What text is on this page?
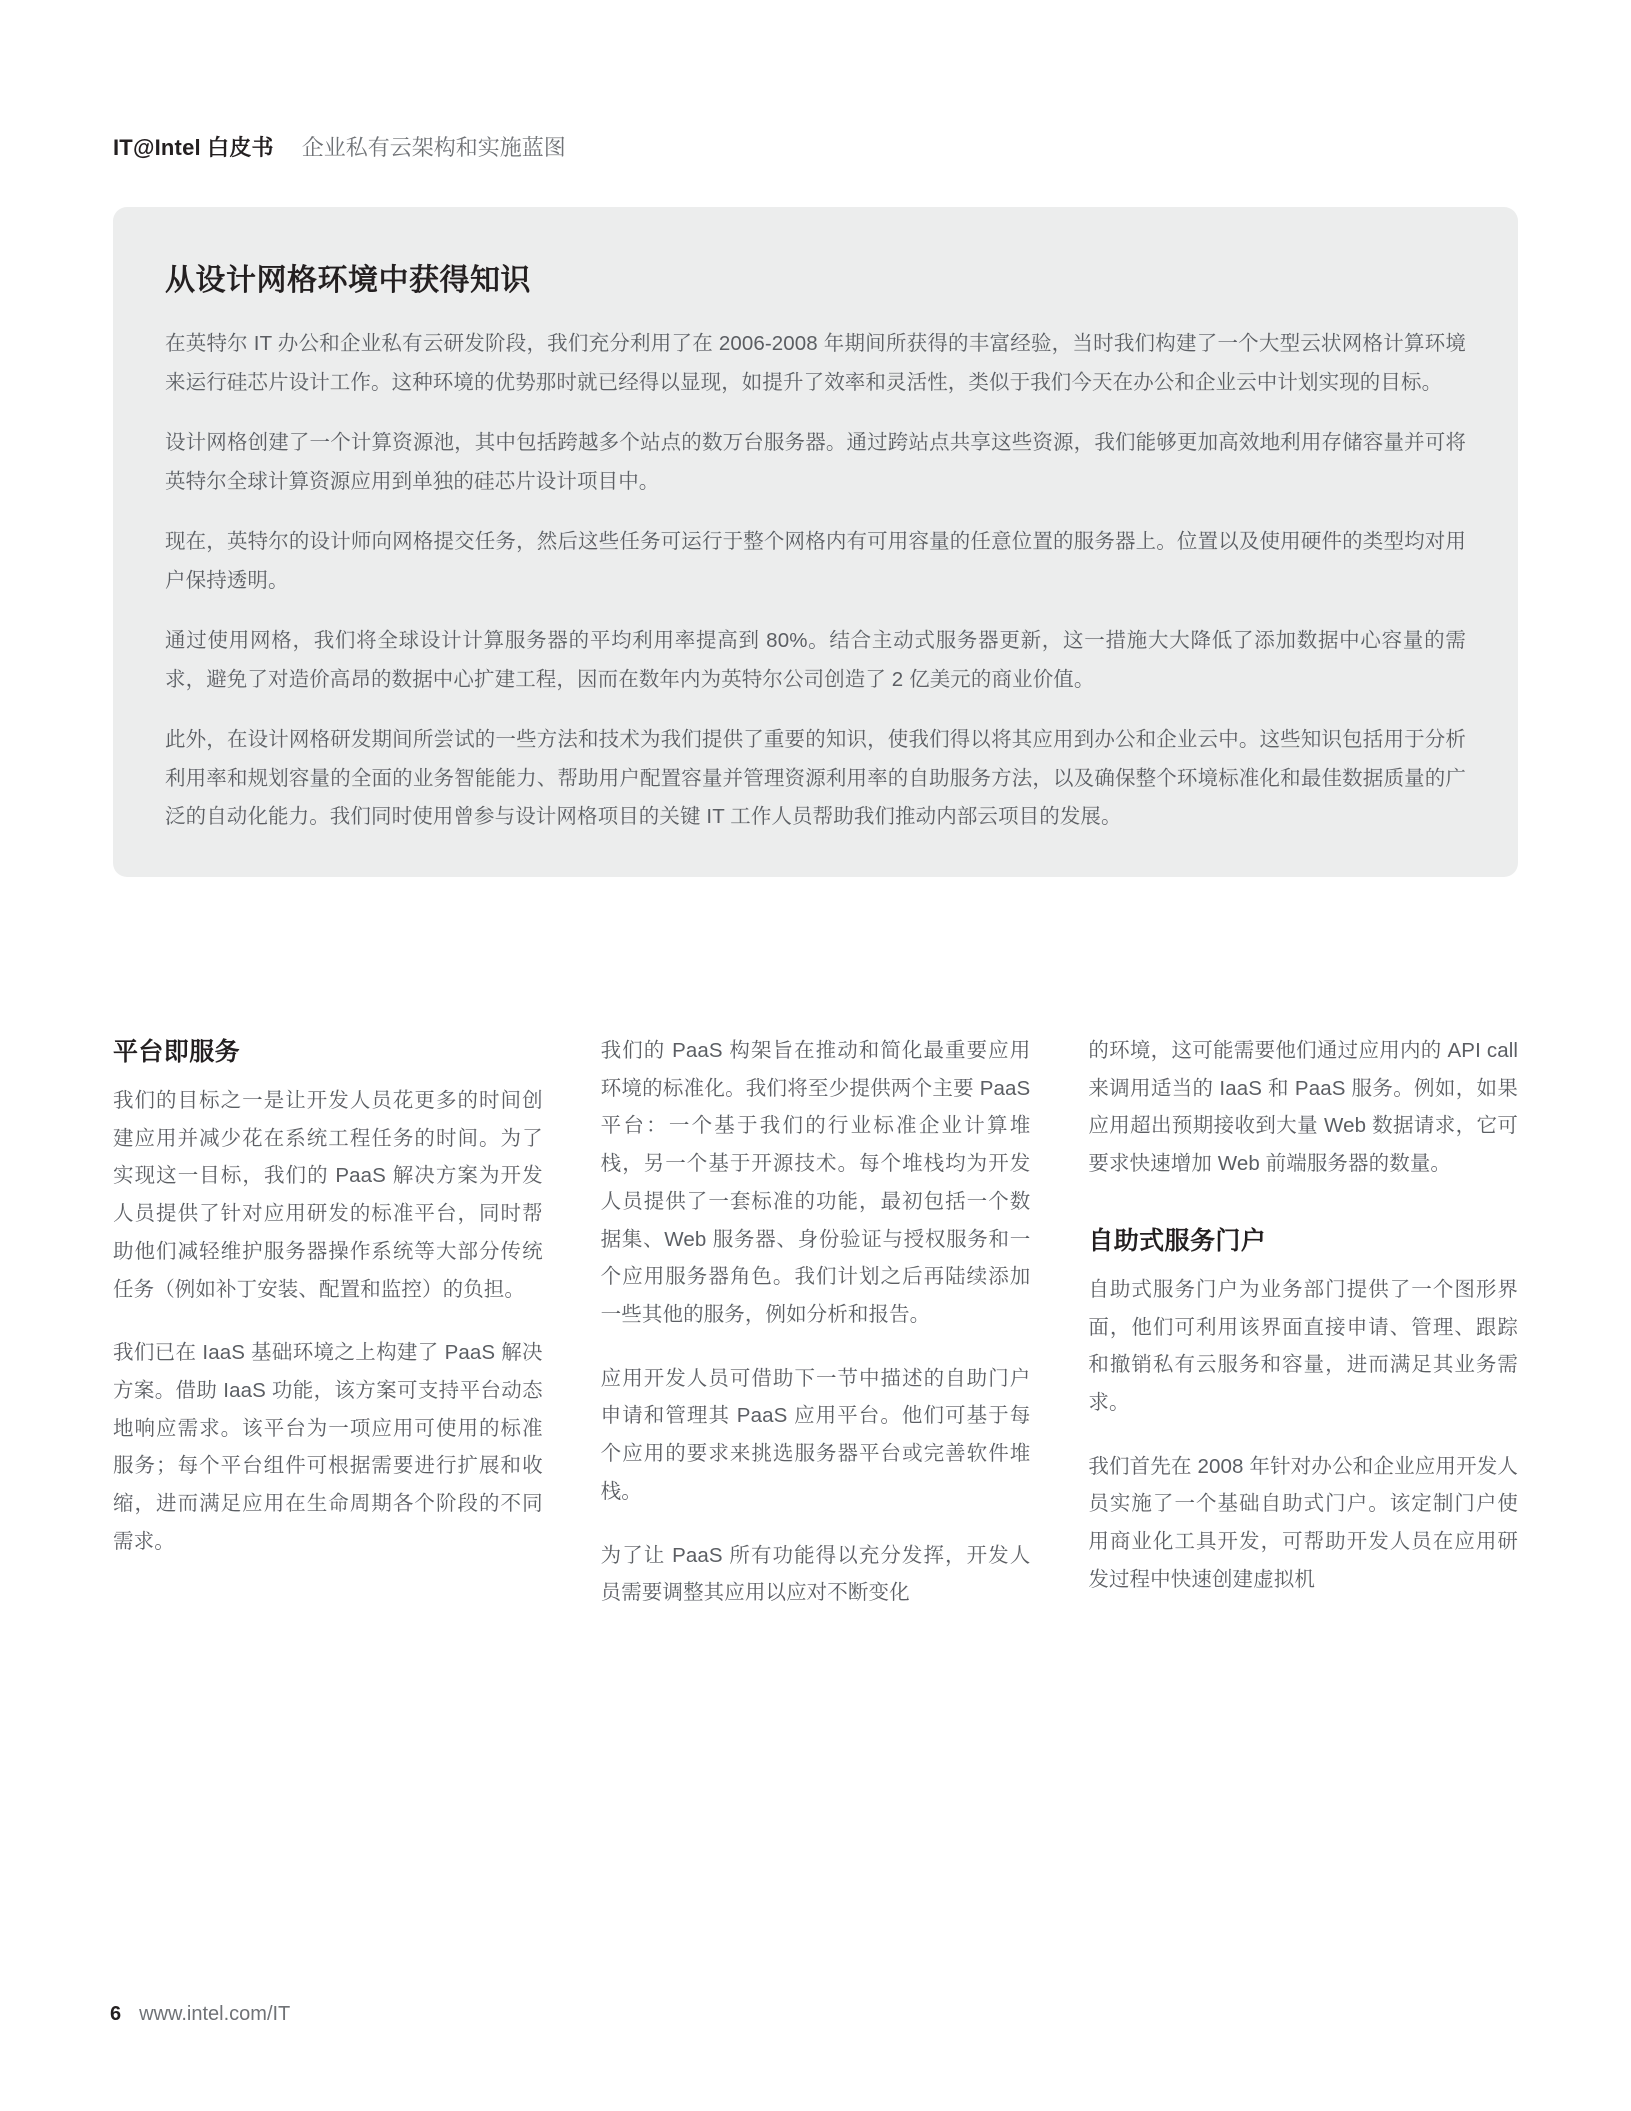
IT@Intel 白皮书 企业私有云架构和实施蓝图
从设计网格环境中获得知识

在英特尔 IT 办公和企业私有云研发阶段，我们充分利用了在 2006-2008 年期间所获得的丰富经验，当时我们构建了一个大型云状网格计算环境来运行硅芯片设计工作。这种环境的优势那时就已经得以显现，如提升了效率和灵活性，类似于我们今天在办公和企业云中计划实现的目标。

设计网格创建了一个计算资源池，其中包括跨越多个站点的数万台服务器。通过跨站点共享这些资源，我们能够更加高效地利用存储容量并可将英特尔全球计算资源应用到单独的硅芯片设计项目中。

现在，英特尔的设计师向网格提交任务，然后这些任务可运行于整个网格内有可用容量的任意位置的服务器上。位置以及使用硬件的类型均对用户保持透明。

通过使用网格，我们将全球设计计算服务器的平均利用率提高到 80%。结合主动式服务器更新，这一措施大大降低了添加数据中心容量的需求，避免了对造价高昂的数据中心扩建工程，因而在数年内为英特尔公司创造了 2 亿美元的商业价值。

此外，在设计网格研发期间所尝试的一些方法和技术为我们提供了重要的知识，使我们得以将其应用到办公和企业云中。这些知识包括用于分析利用率和规划容量的全面的业务智能能力、帮助用户配置容量并管理资源利用率的自助服务方法，以及确保整个环境标准化和最佳数据质量的广泛的自动化能力。我们同时使用曾参与设计网格项目的关键 IT 工作人员帮助我们推动内部云项目的发展。

平台即服务

我们的目标之一是让开发人员花更多的时间创建应用并减少花在系统工程任务的时间。为了实现这一目标，我们的 PaaS 解决方案为开发人员提供了针对应用研发的标准平台，同时帮助他们减轻维护服务器操作系统等大部分传统任务（例如补丁安装、配置和监控）的负担。

我们已在 IaaS 基础环境之上构建了 PaaS 解决方案。借助 IaaS 功能，该方案可支持平台动态地响应需求。该平台为一项应用可使用的标准服务；每个平台组件可根据需要进行扩展和收缩，进而满足应用在生命周期各个阶段的不同需求。

我们的 PaaS 构架旨在推动和简化最重要应用环境的标准化。我们将至少提供两个主要 PaaS 平台：一个基于我们的行业标准企业计算堆栈，另一个基于开源技术。每个堆栈均为开发人员提供了一套标准的功能，最初包括一个数据集、Web 服务器、身份验证与授权服务和一个应用服务器角色。我们计划之后再陆续添加一些其他的服务，例如分析和报告。

应用开发人员可借助下一节中描述的自助门户申请和管理其 PaaS 应用平台。他们可基于每个应用的要求来挑选服务器平台或完善软件堆栈。

为了让 PaaS 所有功能得以充分发挥，开发人员需要调整其应用以应对不断变化

的环境，这可能需要他们通过应用内的 API call 来调用适当的 IaaS 和 PaaS 服务。例如，如果应用超出预期接收到大量 Web 数据请求，它可要求快速增加 Web 前端服务器的数量。

自助式服务门户

自助式服务门户为业务部门提供了一个图形界面，他们可利用该界面直接申请、管理、跟踪和撤销私有云服务和容量，进而满足其业务需求。

我们首先在 2008 年针对办公和企业应用开发人员实施了一个基础自助式门户。该定制门户使用商业化工具开发，可帮助开发人员在应用研发过程中快速创建虚拟机

6 www.intel.com/IT
